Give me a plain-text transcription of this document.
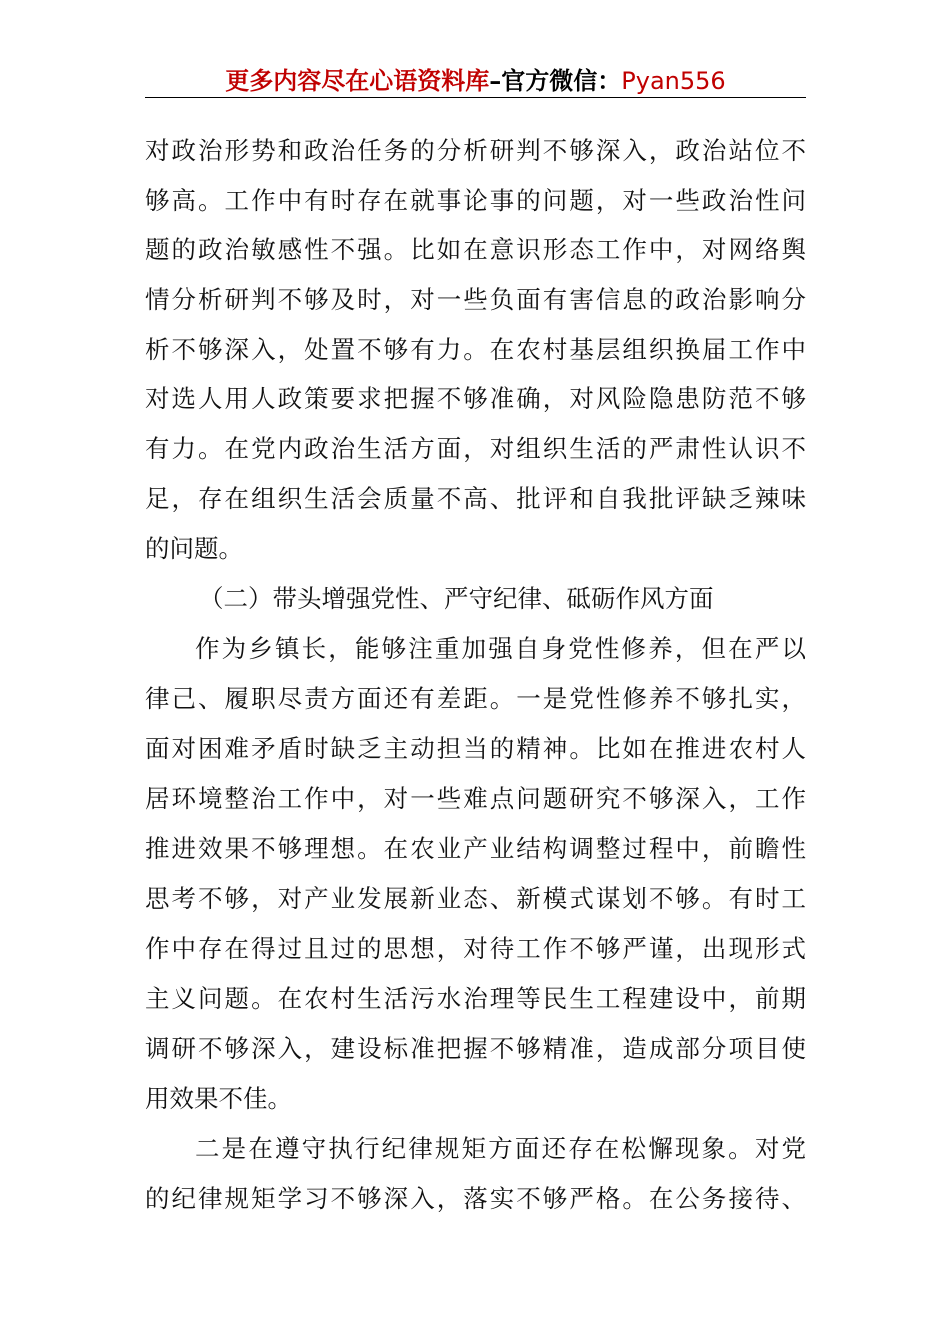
更多内容尽在心语资料库–官方微信：Pyan556
对政治形势和政治任务的分析研判不够深入，政治站位不
够高。工作中有时存在就事论事的问题，对一些政治性问
题的政治敏感性不强。比如在意识形态工作中，对网络舆
情分析研判不够及时，对一些负面有害信息的政治影响分
析不够深入，处置不够有力。在农村基层组织换届工作中
对选人用人政策要求把握不够准确，对风险隐患防范不够
有力。在党内政治生活方面，对组织生活的严肃性认识不
足，存在组织生活会质量不高、批评和自我批评缺乏辣味
的问题。
（二）带头增强党性、严守纪律、砥砺作风方面
作为乡镇长，能够注重加强自身党性修养，但在严以
律己、履职尽责方面还有差距。一是党性修养不够扎实，
面对困难矛盾时缺乏主动担当的精神。比如在推进农村人
居环境整治工作中，对一些难点问题研究不够深入，工作
推进效果不够理想。在农业产业结构调整过程中，前瞻性
思考不够，对产业发展新业态、新模式谋划不够。有时工
作中存在得过且过的思想，对待工作不够严谨，出现形式
主义问题。在农村生活污水治理等民生工程建设中，前期
调研不够深入，建设标准把握不够精准，造成部分项目使
用效果不佳。
二是在遵守执行纪律规矩方面还存在松懈现象。对党
的纪律规矩学习不够深入，落实不够严格。在公务接待、
